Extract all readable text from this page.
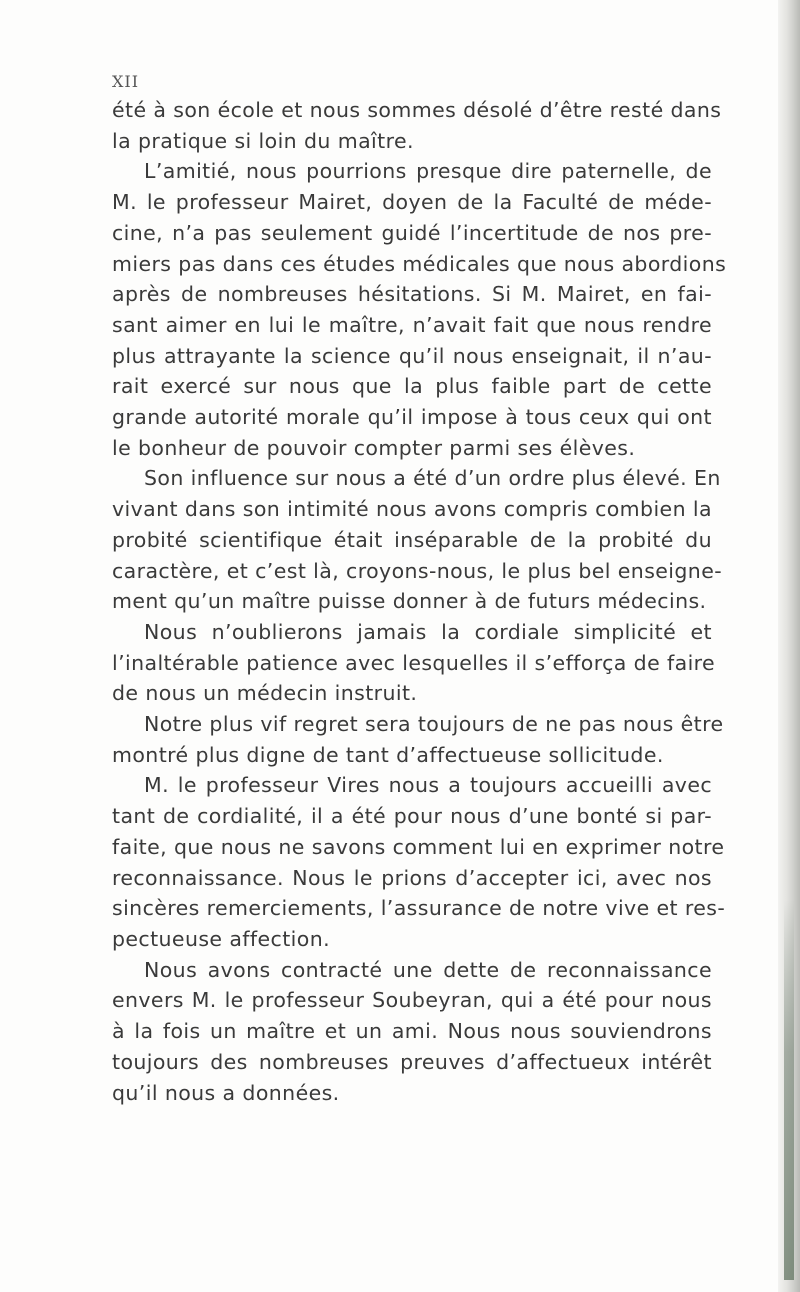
XII

été à son école et nous sommes désolé d’être resté dans
la pratique si loin du maître.

L’amitié, nous pourrions presque dire paternelle, de
M. le professeur Mairet, doyen de la Faculté de méde-
cine, n’a pas seulement guidé l’incertitude de nos pre-
miers pas dans ces études médicales que nous abordions
après de nombreuses hésitations. Si M. Mairet, en fai-
sant aimer en lui le maître, n’avait fait que nous rendre
plus attrayante la science qu’il nous enseignait, il n’au-
rait exercé sur nous que la plus faible part de cette
grande autorité morale qu’il impose à tous ceux qui ont
le bonheur de pouvoir compter parmi ses élèves.

Son influence sur nous a été d’un ordre plus élevé. En
vivant dans son intimité nous avons compris combien la
probité scientifique était inséparable de la probité du
caractère, et c’est là, croyons-nous, le plus bel enseigne-
ment qu’un maître puisse donner à de futurs médecins.

Nous n’oublierons jamais la cordiale simplicité et
l’inaltérable patience avec lesquelles il s’efforça de faire
de nous un médecin instruit.

Notre plus vif regret sera toujours de ne pas nous être
montré plus digne de tant d’affectueuse sollicitude.

M. le professeur Vires nous a toujours accueilli avec
tant de cordialité, il a été pour nous d’une bonté si par-
faite, que nous ne savons comment lui en exprimer notre
reconnaissance. Nous le prions d’accepter ici, avec nos
sincères remerciements, l’assurance de notre vive et res-
pectueuse affection.

Nous avons contracté une dette de reconnaissance
envers M. le professeur Soubeyran, qui a été pour nous
à la fois un maître et un ami. Nous nous souviendrons
toujours des nombreuses preuves d’affectueux intérêt
qu’il nous a données.
